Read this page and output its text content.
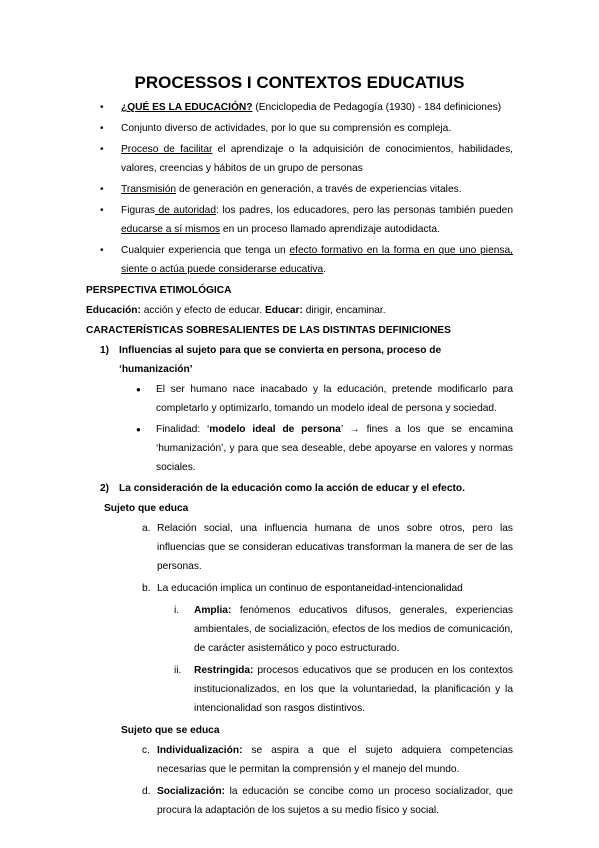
PROCESSOS I CONTEXTOS EDUCATIUS
• ¿QUÉ ES LA EDUCACIÓN? (Enciclopedia de Pedagogía (1930) - 184 definiciones)
• Conjunto diverso de actividades, por lo que su comprensión es compleja.
• Proceso de facilitar el aprendizaje o la adquisición de conocimientos, habilidades, valores, creencias y hábitos de un grupo de personas
• Transmisión de generación en generación, a través de experiencias vitales.
• Figuras de autoridad: los padres, los educadores, pero las personas también pueden educarse a sí mismos en un proceso llamado aprendizaje autodidacta.
• Cualquier experiencia que tenga un efecto formativo en la forma en que uno piensa, siente o actúa puede considerarse educativa.
PERSPECTIVA ETIMOLÓGICA

Educación: acción y efecto de educar. Educar: dirigir, encaminar.

CARACTERÍSTICAS SOBRESALIENTES DE LAS DISTINTAS DEFINICIONES
1) Influencias al sujeto para que se convierta en persona, proceso de ‘humanización’
● El ser humano nace inacabado y la educación, pretende modificarlo para completarlo y optimizarlo, tomando un modelo ideal de persona y sociedad.
● Finalidad: ‘modelo ideal de persona’ → fines a los que se encamina ‘humanización’, y para que sea deseable, debe apoyarse en valores y normas sociales.
2) La consideración de la educación como la acción de educar y el efecto.
Sujeto que educa
a. Relación social, una influencia humana de unos sobre otros, pero las influencias que se consideran educativas transforman la manera de ser de las personas.
b. La educación implica un continuo de espontaneidad-intencionalidad
i. Amplia: fenómenos educativos difusos, generales, experiencias ambientales, de socialización, efectos de los medios de comunicación, de carácter asistemático y poco estructurado.
ii. Restringida: procesos educativos que se producen en los contextos institucionalizados, en los que la voluntariedad, la planificación y la intencionalidad son rasgos distintivos.
Sujeto que se educa
c. Individualización: se aspira a que el sujeto adquiera competencias necesarias que le permitan la comprensión y el manejo del mundo.
d. Socialización: la educación se concibe como un proceso socializador, que procura la adaptación de los sujetos a su medio físico y social.
